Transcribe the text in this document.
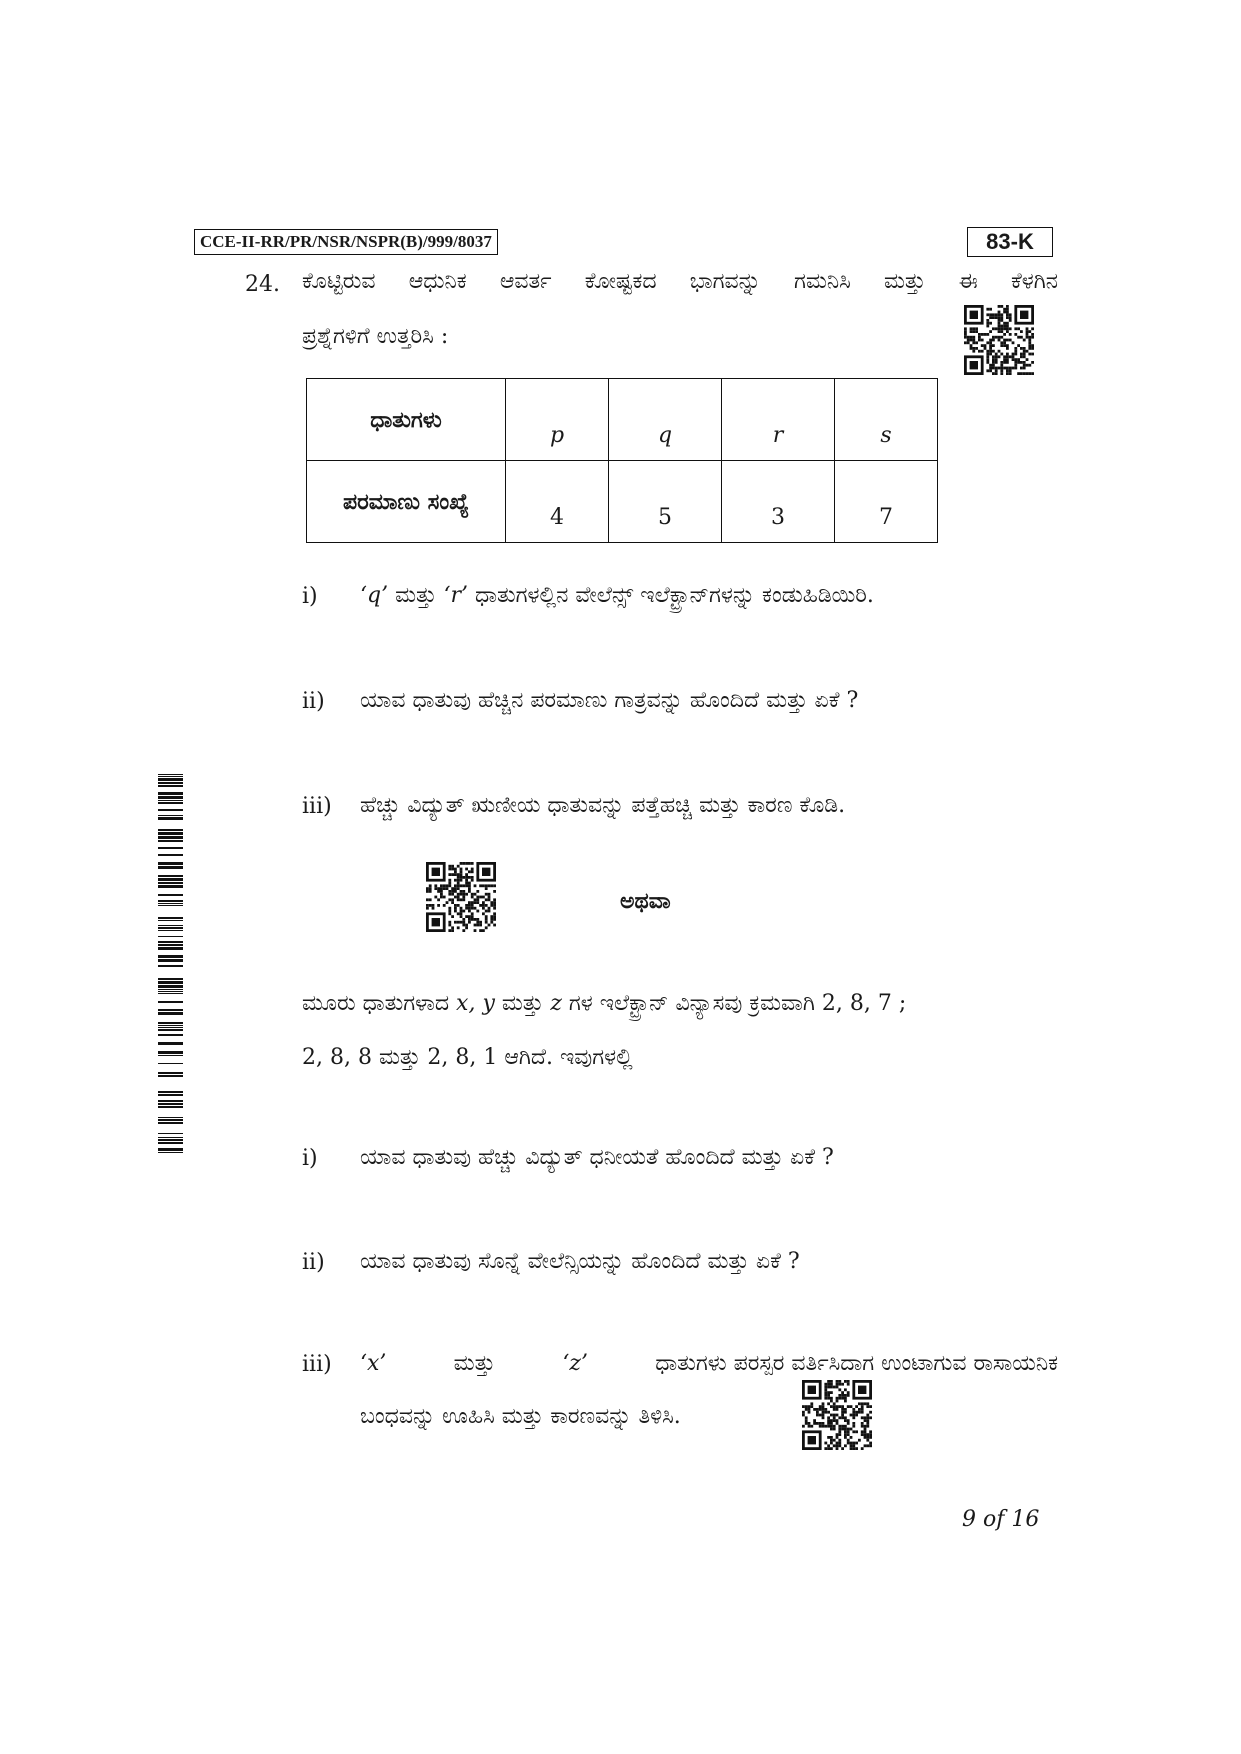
CCE-II-RR/PR/NSR/NSPR(B)/999/8037	83-K
24. ಕೊಟ್ಟಿರುವ ಆಧುನಿಕ ಆವರ್ತ ಕೋಷ್ಟಕದ ಭಾಗವನ್ನು ಗಮನಿಸಿ ಮತ್ತು ಈ ಕೆಳಗಿನ
ಪ್ರಶ್ನೆಗಳಿಗೆ ಉತ್ತರಿಸಿ :
ಧಾತುಗಳು	p	q	r	s
ಪರಮಾಣು ಸಂಖ್ಯೆ	4	5	3	7
i) ‘q’ ಮತ್ತು ‘r’ ಧಾತುಗಳಲ್ಲಿನ ವೇಲೆನ್ಸ್ ಇಲೆಕ್ಟ್ರಾನ್‌ಗಳನ್ನು ಕಂಡುಹಿಡಿಯಿರಿ.
ii) ಯಾವ ಧಾತುವು ಹೆಚ್ಚಿನ ಪರಮಾಣು ಗಾತ್ರವನ್ನು ಹೊಂದಿದೆ ಮತ್ತು ಏಕೆ ?
iii) ಹೆಚ್ಚು ವಿದ್ಯುತ್ ಋಣೀಯ ಧಾತುವನ್ನು ಪತ್ತೆಹಚ್ಚಿ ಮತ್ತು ಕಾರಣ ಕೊಡಿ.
ಅಥವಾ
ಮೂರು ಧಾತುಗಳಾದ x, y ಮತ್ತು z ಗಳ ಇಲೆಕ್ಟ್ರಾನ್ ವಿನ್ಯಾಸವು ಕ್ರಮವಾಗಿ 2, 8, 7 ;
2, 8, 8 ಮತ್ತು 2, 8, 1 ಆಗಿದೆ. ಇವುಗಳಲ್ಲಿ
i) ಯಾವ ಧಾತುವು ಹೆಚ್ಚು ವಿದ್ಯುತ್ ಧನೀಯತೆ ಹೊಂದಿದೆ ಮತ್ತು ಏಕೆ ?
ii) ಯಾವ ಧಾತುವು ಸೊನ್ನೆ ವೇಲೆನ್ಸಿಯನ್ನು ಹೊಂದಿದೆ ಮತ್ತು ಏಕೆ ?
iii) ‘x’	ಮತ್ತು	‘z’	ಧಾತುಗಳು ಪರಸ್ಪರ ವರ್ತಿಸಿದಾಗ ಉಂಟಾಗುವ ರಾಸಾಯನಿಕ
ಬಂಧವನ್ನು ಊಹಿಸಿ ಮತ್ತು ಕಾರಣವನ್ನು ತಿಳಿಸಿ.
9 of 16
